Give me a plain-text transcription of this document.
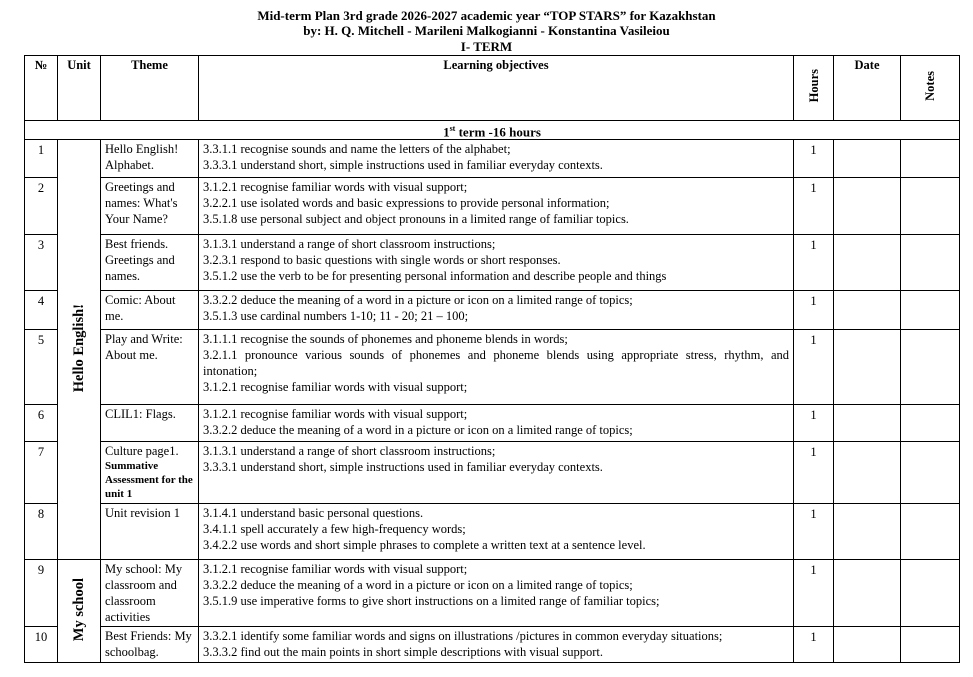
Mid-term Plan 3rd grade 2026-2027 academic year “TOP STARS” for Kazakhstan
by: H. Q. Mitchell - Marileni Malkogianni - Konstantina Vasileiou
I- TERM
№	Unit	Theme	Learning objectives	Hours	Date	Notes
1st term -16 hours						
1	Hello English!	Hello English! Alphabet.	3.3.1.1 recognise sounds and name the letters of the alphabet;
3.3.3.1 understand short, simple instructions used in familiar everyday contexts.	1		
2		Greetings and names: What's Your Name?	3.1.2.1 recognise familiar words with visual support;
3.2.2.1 use isolated words and basic expressions to provide personal information;
3.5.1.8 use personal subject and object pronouns in a limited range of familiar topics.	1		
3		Best friends. Greetings and names.	3.1.3.1 understand a range of short classroom instructions;
3.2.3.1 respond to basic questions with single words or short responses.
3.5.1.2 use the verb to be for presenting personal information and describe people and things	1		
4		Comic: About me.	3.3.2.2 deduce the meaning of a word in a picture or icon on a limited range of topics;
3.5.1.3 use cardinal numbers 1-10; 11 - 20; 21 – 100;	1		
5		Play and Write: About me.	3.1.1.1 recognise the sounds of phonemes and phoneme blends in words;
3.2.1.1 pronounce various sounds of phonemes and phoneme blends using appropriate stress, rhythm, and intonation;
3.1.2.1 recognise familiar words with visual support;	1		
6		CLIL1: Flags.	3.1.2.1 recognise familiar words with visual support;
3.3.2.2 deduce the meaning of a word in a picture or icon on a limited range of topics;	1		
7		Culture page1.
Summative Assessment for the unit 1	3.1.3.1 understand a range of short classroom instructions;
3.3.3.1 understand short, simple instructions used in familiar everyday contexts.	1		
8		Unit revision 1	3.1.4.1 understand basic personal questions.
3.4.1.1 spell accurately a few high-frequency words;
3.4.2.2 use words and short simple phrases to complete a written text at a sentence level.	1		
9	My school	My school: My classroom and classroom activities	3.1.2.1 recognise familiar words with visual support;
3.3.2.2 deduce the meaning of a word in a picture or icon on a limited range of topics;
3.5.1.9 use imperative forms to give short instructions on a limited range of familiar topics;	1		
10		Best Friends: My schoolbag.	3.3.2.1 identify some familiar words and signs on illustrations /pictures in common everyday situations;
3.3.3.2 find out the main points in short simple descriptions with visual support.	1		
